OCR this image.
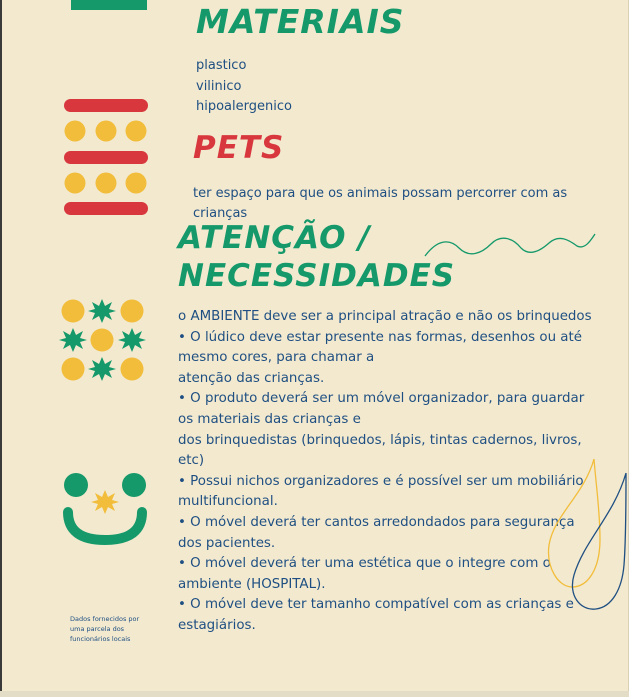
MATERIAIS
plastico
vilinico
hipoalergenico
PETS

ter espaço para que os animais possam percorrer com as crianças

ATENÇÃO /
NECESSIDADES

o AMBIENTE deve ser a principal atração e não os brinquedos

• O lúdico deve estar presente nas formas, desenhos ou até mesmo cores, para chamar a

atenção das crianças.

• O produto deverá ser um móvel organizador, para guardar os materiais das crianças e

dos brinquedistas (brinquedos, lápis, tintas cadernos, livros, etc)

• Possui nichos organizadores e é possível ser um mobiliário multifuncional.

• O móvel deverá ter cantos arredondados para segurança dos pacientes.

• O móvel deverá ter uma estética que o integre com o ambiente (HOSPITAL).

• O móvel deve ter tamanho compatível com as crianças e estagiários.

Dados fornecidos por uma parcela dos funcionários locais
